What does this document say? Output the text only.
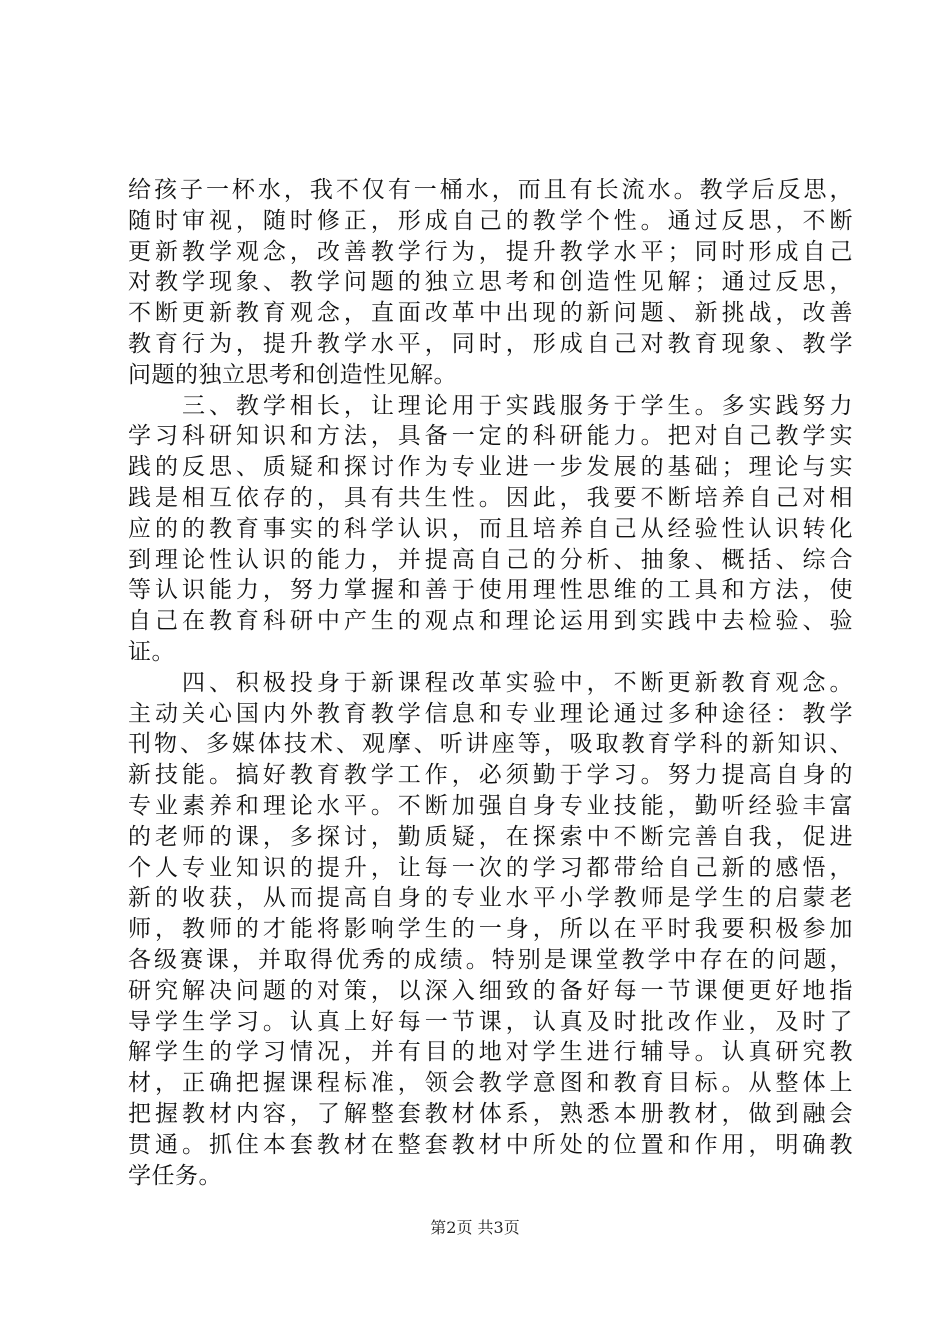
给孩子一杯水，我不仅有一桶水，而且有长流水。教学后反思，
随时审视，随时修正，形成自己的教学个性。通过反思，不断
更新教学观念，改善教学行为，提升教学水平；同时形成自己
对教学现象、教学问题的独立思考和创造性见解；通过反思，
不断更新教育观念，直面改革中出现的新问题、新挑战，改善
教育行为，提升教学水平，同时，形成自己对教育现象、教学
问题的独立思考和创造性见解。
　　三、教学相长，让理论用于实践服务于学生。多实践努力
学习科研知识和方法，具备一定的科研能力。把对自己教学实
践的反思、质疑和探讨作为专业进一步发展的基础；理论与实
践是相互依存的，具有共生性。因此，我要不断培养自己对相
应的的教育事实的科学认识，而且培养自己从经验性认识转化
到理论性认识的能力，并提高自己的分析、抽象、概括、综合
等认识能力，努力掌握和善于使用理性思维的工具和方法，使
自己在教育科研中产生的观点和理论运用到实践中去检验、验
证。
　　四、积极投身于新课程改革实验中，不断更新教育观念。
主动关心国内外教育教学信息和专业理论通过多种途径：教学
刊物、多媒体技术、观摩、听讲座等，吸取教育学科的新知识、
新技能。搞好教育教学工作，必须勤于学习。努力提高自身的
专业素养和理论水平。不断加强自身专业技能，勤听经验丰富
的老师的课，多探讨，勤质疑，在探索中不断完善自我，促进
个人专业知识的提升，让每一次的学习都带给自己新的感悟，
新的收获，从而提高自身的专业水平小学教师是学生的启蒙老
师，教师的才能将影响学生的一身，所以在平时我要积极参加
各级赛课，并取得优秀的成绩。特别是课堂教学中存在的问题，
研究解决问题的对策，以深入细致的备好每一节课便更好地指
导学生学习。认真上好每一节课，认真及时批改作业，及时了
解学生的学习情况，并有目的地对学生进行辅导。认真研究教
材，正确把握课程标准，领会教学意图和教育目标。从整体上
把握教材内容，了解整套教材体系，熟悉本册教材，做到融会
贯通。抓住本套教材在整套教材中所处的位置和作用，明确教
学任务。
第2页 共3页
